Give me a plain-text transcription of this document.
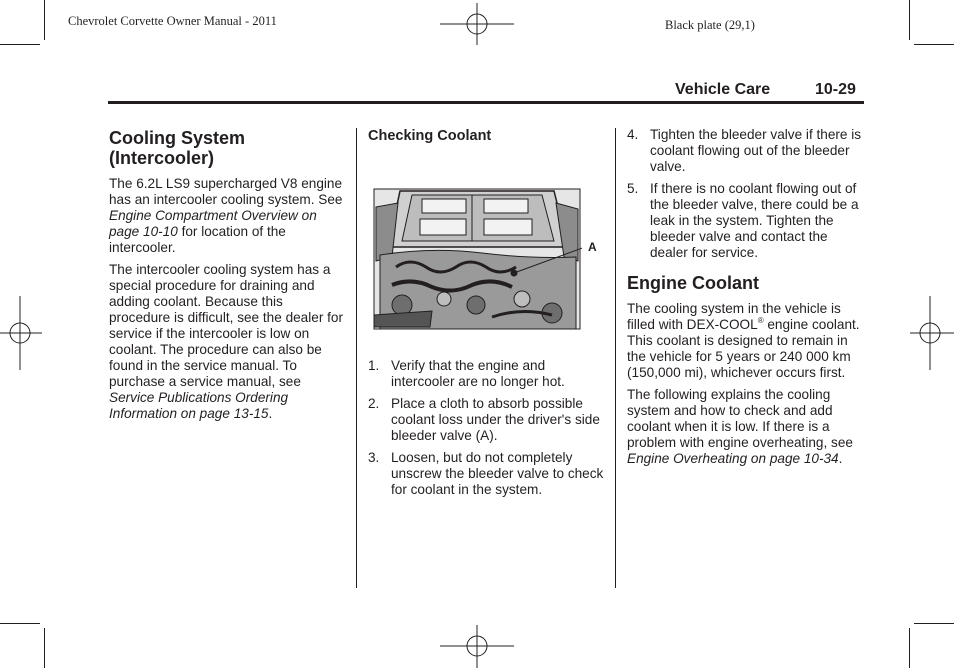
Chevrolet Corvette Owner Manual - 2011	Black plate (29,1)
Vehicle Care	10-29
Cooling System (Intercooler)

The 6.2L LS9 supercharged V8 engine has an intercooler cooling system. See Engine Compartment Overview on page 10-10 for location of the intercooler.

The intercooler cooling system has a special procedure for draining and adding coolant. Because this procedure is difficult, see the dealer for service if the intercooler is low on coolant. The procedure can also be found in the service manual. To purchase a service manual, see Service Publications Ordering Information on page 13-15.

Checking Coolant
A
1. Verify that the engine and intercooler are no longer hot.
2. Place a cloth to absorb possible coolant loss under the driver's side bleeder valve (A).
3. Loosen, but do not completely unscrew the bleeder valve to check for coolant in the system.
4. Tighten the bleeder valve if there is coolant flowing out of the bleeder valve.
5. If there is no coolant flowing out of the bleeder valve, there could be a leak in the system. Tighten the bleeder valve and contact the dealer for service.
Engine Coolant

The cooling system in the vehicle is filled with DEX-COOL® engine coolant. This coolant is designed to remain in the vehicle for 5 years or 240 000 km (150,000 mi), whichever occurs first.

The following explains the cooling system and how to check and add coolant when it is low. If there is a problem with engine overheating, see Engine Overheating on page 10-34.
